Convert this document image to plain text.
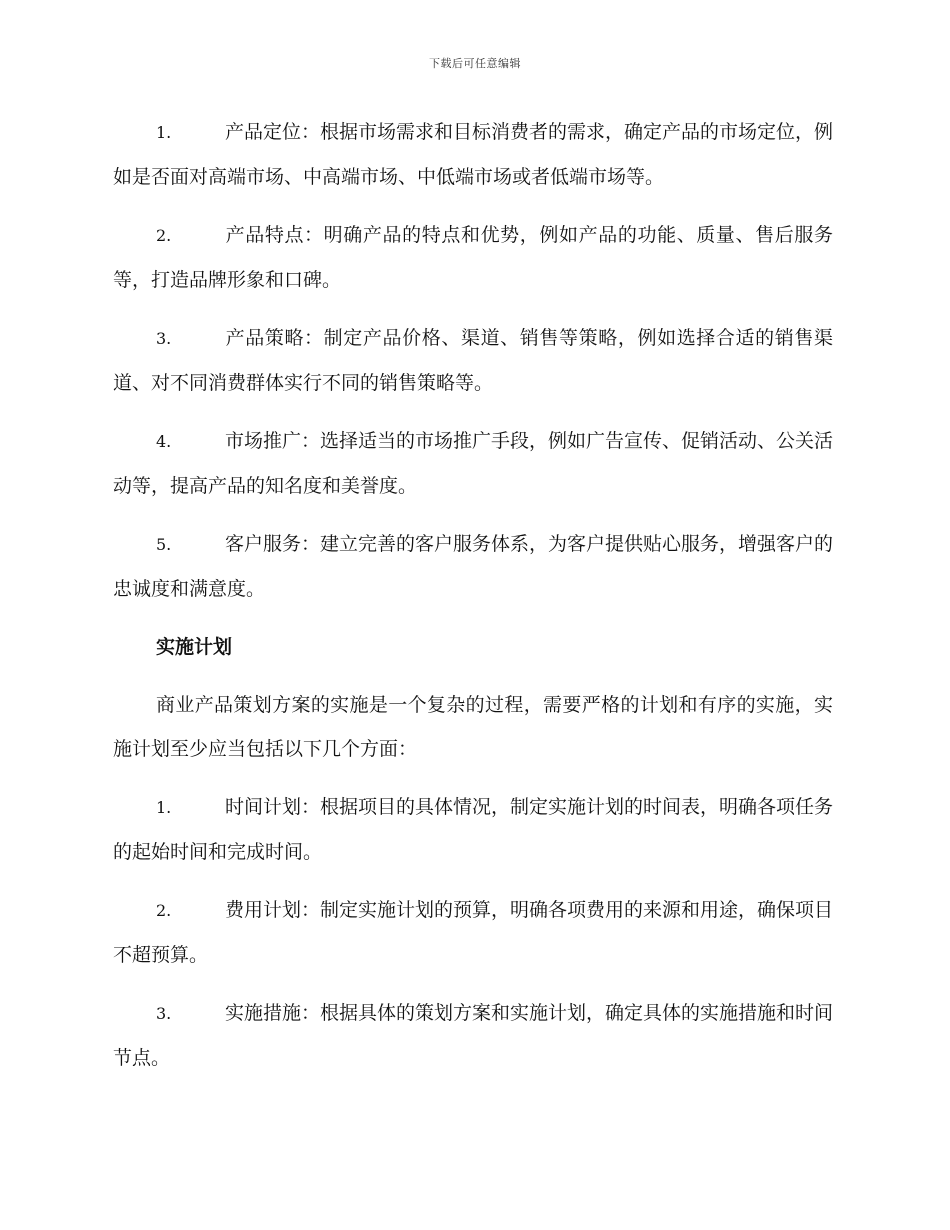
下载后可任意编辑

1.	产品定位：根据市场需求和目标消费者的需求，确定产品的市场定位，例如是否面对高端市场、中高端市场、中低端市场或者低端市场等。

2.	产品特点：明确产品的特点和优势，例如产品的功能、质量、售后服务等，打造品牌形象和口碑。

3.	产品策略：制定产品价格、渠道、销售等策略，例如选择合适的销售渠道、对不同消费群体实行不同的销售策略等。

4.	市场推广：选择适当的市场推广手段，例如广告宣传、促销活动、公关活动等，提高产品的知名度和美誉度。

5.	客户服务：建立完善的客户服务体系，为客户提供贴心服务，增强客户的忠诚度和满意度。

实施计划

商业产品策划方案的实施是一个复杂的过程，需要严格的计划和有序的实施，实施计划至少应当包括以下几个方面：

1.	时间计划：根据项目的具体情况，制定实施计划的时间表，明确各项任务的起始时间和完成时间。

2.	费用计划：制定实施计划的预算，明确各项费用的来源和用途，确保项目不超预算。

3.	实施措施：根据具体的策划方案和实施计划，确定具体的实施措施和时间节点。
